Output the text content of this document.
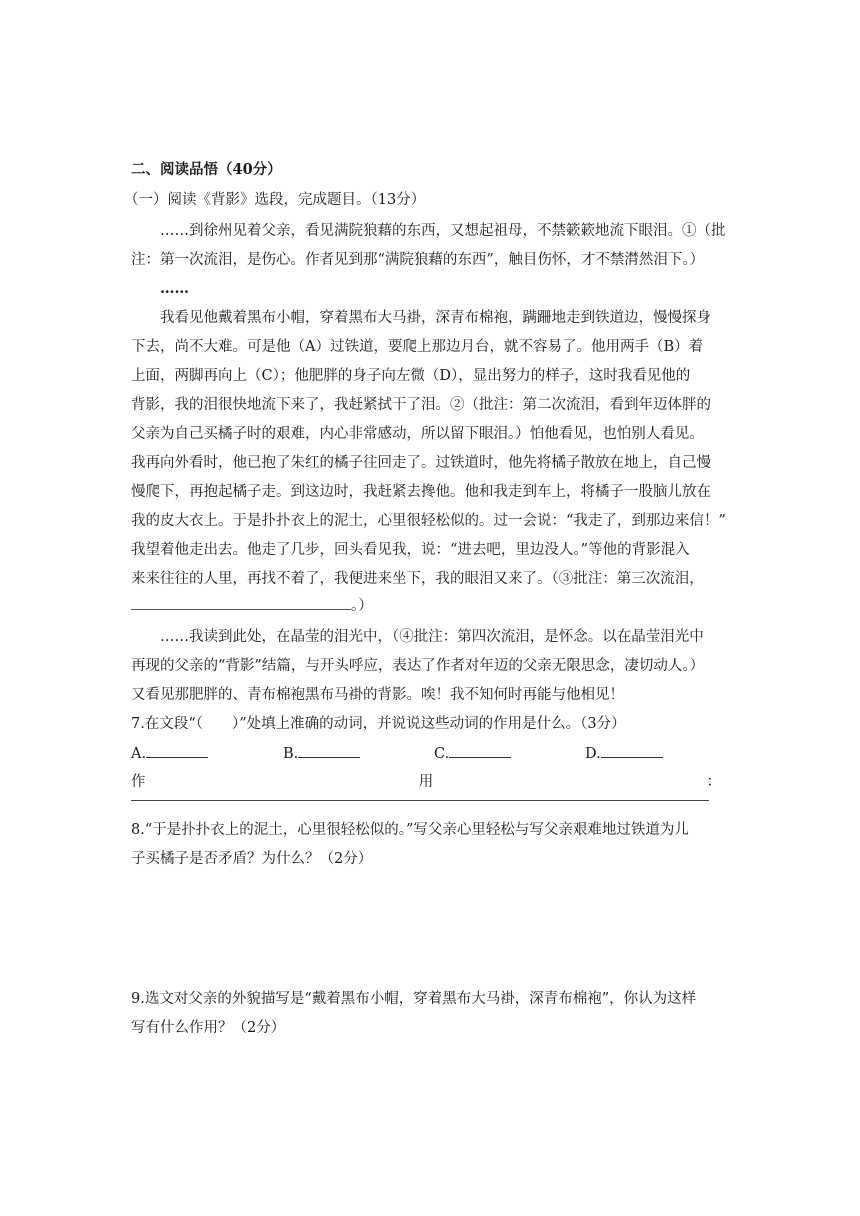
二、阅读品悟（40分）
（一）阅读《背影》选段，完成题目。（13分）
……到徐州见着父亲，看见满院狼藉的东西，又想起祖母，不禁簌簌地流下眼泪。①（批
注：第一次流泪，是伤心。作者见到那“满院狼藉的东西”，触目伤怀，才不禁潸然泪下。）
……
我看见他戴着黑布小帽，穿着黑布大马褂，深青布棉袍，蹒跚地走到铁道边，慢慢探身
下去，尚不大难。可是他（A）过铁道，要爬上那边月台，就不容易了。他用两手（B）着
上面，两脚再向上（C）；他肥胖的身子向左微（D），显出努力的样子，这时我看见他的
背影，我的泪很快地流下来了，我赶紧拭干了泪。②（批注：第二次流泪，看到年迈体胖的
父亲为自己买橘子时的艰难，内心非常感动，所以留下眼泪。）怕他看见，也怕别人看见。
我再向外看时，他已抱了朱红的橘子往回走了。过铁道时，他先将橘子散放在地上，自己慢
慢爬下，再抱起橘子走。到这边时，我赶紧去搀他。他和我走到车上，将橘子一股脑儿放在
我的皮大衣上。于是扑扑衣上的泥土，心里很轻松似的。过一会说：“我走了，到那边来信！”
我望着他走出去。他走了几步，回头看见我，说：“进去吧，里边没人。”等他的背影混入
来来往往的人里，再找不着了，我便进来坐下，我的眼泪又来了。（③批注：第三次流泪，
。）
……我读到此处，在晶莹的泪光中，（④批注：第四次流泪，是怀念。以在晶莹泪光中
再现的父亲的“背影”结篇，与开头呼应，表达了作者对年迈的父亲无限思念，凄切动人。）
又看见那肥胖的、青布棉袍黑布马褂的背影。唉！我不知何时再能与他相见！
7.在文段“（　　）”处填上准确的动词，并说说这些动词的作用是什么。（3分）
A.	B.	C.	D.
作	用	：
8.“于是扑扑衣上的泥土，心里很轻松似的。”写父亲心里轻松与写父亲艰难地过铁道为儿
子买橘子是否矛盾？为什么？（2分）
9.选文对父亲的外貌描写是“戴着黑布小帽，穿着黑布大马褂，深青布棉袍”，你认为这样
写有什么作用？（2分）
